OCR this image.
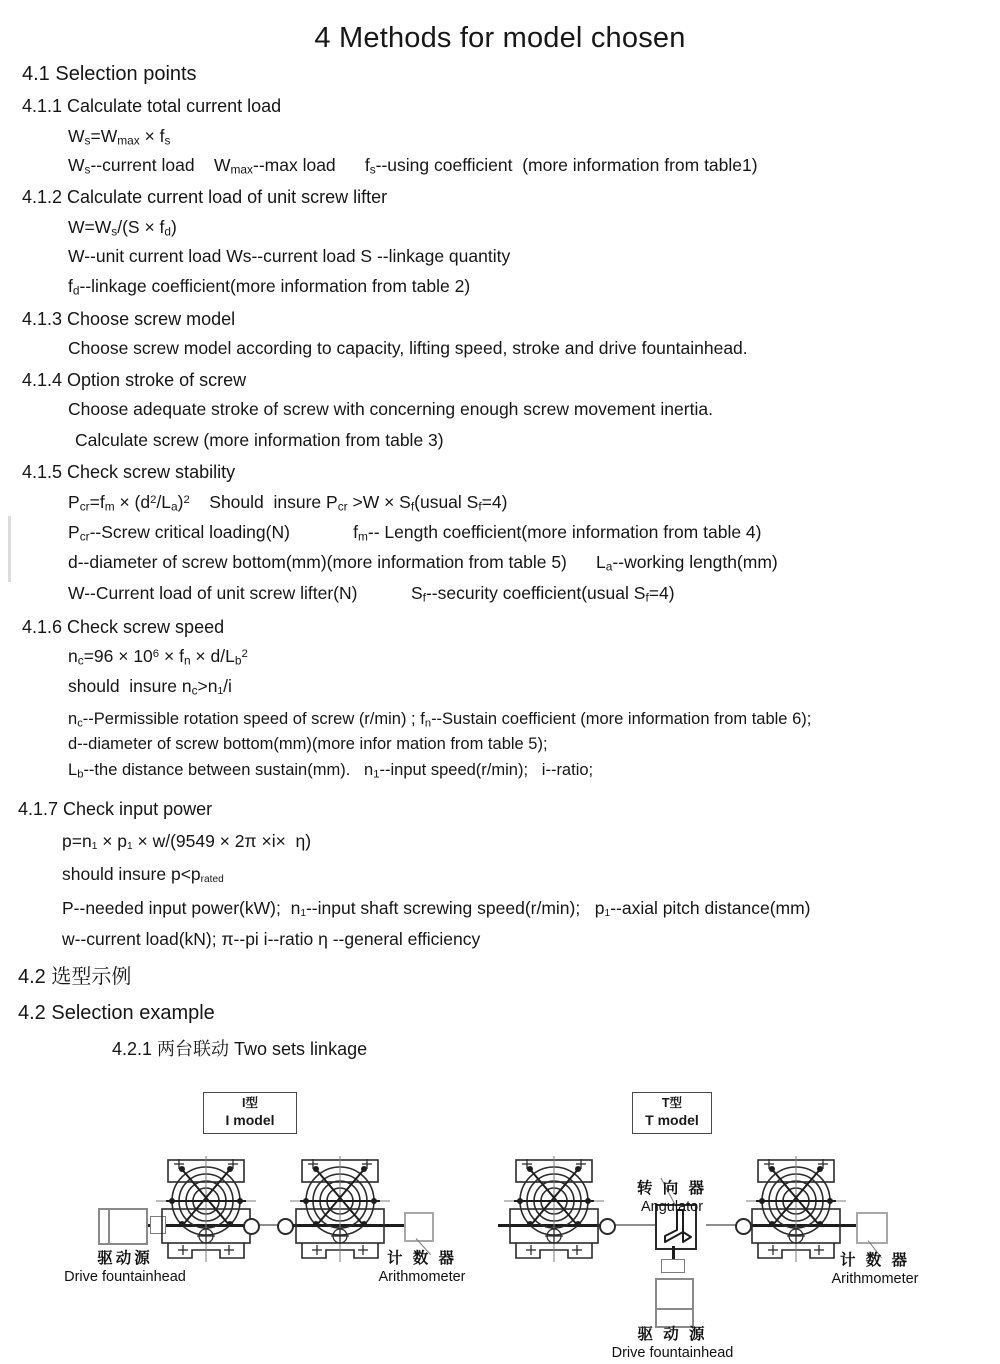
4 Methods for model chosen
4.1 Selection points
4.1.1 Calculate total current load
$W_s=W_{max} \times f_s$
$W_s-$-current load    $W_{max}--\max$ load      $f_s-$-using coefficient  (more information from table1)
4.1.2 Calculate current load of unit screw lifter
$W=W_s/(S \times f_d)$
W--unit current load Ws--current load S --linkage quantity
$f_d-$-linkage coefficient(more information from table 2)
4.1.3 Choose screw model
Choose screw model according to capacity, lifting speed, stroke and drive fountainhead.
4.1.4 Option stroke of screw
Choose adequate stroke of screw with concerning enough screw movement inertia.
Calculate screw (more information from table 3)
4.1.5 Check screw stability
$P_{cr}=f_m \times (d^2/L_a)^2$    Should  insure $P_{cr} >W$ × $S_f(usual$ $S_f=4$)
$P_{cr}-$-Screw critical loading(N)             $f_m--$ Length coefficient(more information from table 4)
d--diameter of screw bottom(mm)(more information from table 5)      $L_a-$-working length(mm)
W--Current load of unit screw lifter(N)           $S_f-$-security coefficient(usual $S_f=4$)
4.1.6 Check screw speed
$n_c=96 \times 10^6 \times f_n \times d/L_b^2$
should  insure $n_c>n1/i$
$n_c-$-Permissible rotation speed of screw (r/min) ; $f_n-$-Sustain coefficient (more information from table 6);
d--diameter of screw bottom(mm)(more infor mation from table 5);
$L_b-$-the distance between sustain(mm).   $n_1-$-input speed(r/min);   i--ratio;
4.1.7 Check input power
p=n1 × p1 × w/(9549 × 2π ×i×  η)
should insure p<prated
P--needed input power(kW);  n1--input shaft screwing speed(r/min);   p1--axial pitch distance(mm)
w--current load(kN); π--pi i--ratio η --general efficiency
4.2 选型示例
4.2 Selection example
4.2.1 两台联动 Two sets linkage
I型
I model
驱动源
Drive fountainhead
计 数 器
Arithmometer
T型
T model
转 向 器
Angulator
驱 动 源
Drive fountainhead
计 数 器
Arithmometer
